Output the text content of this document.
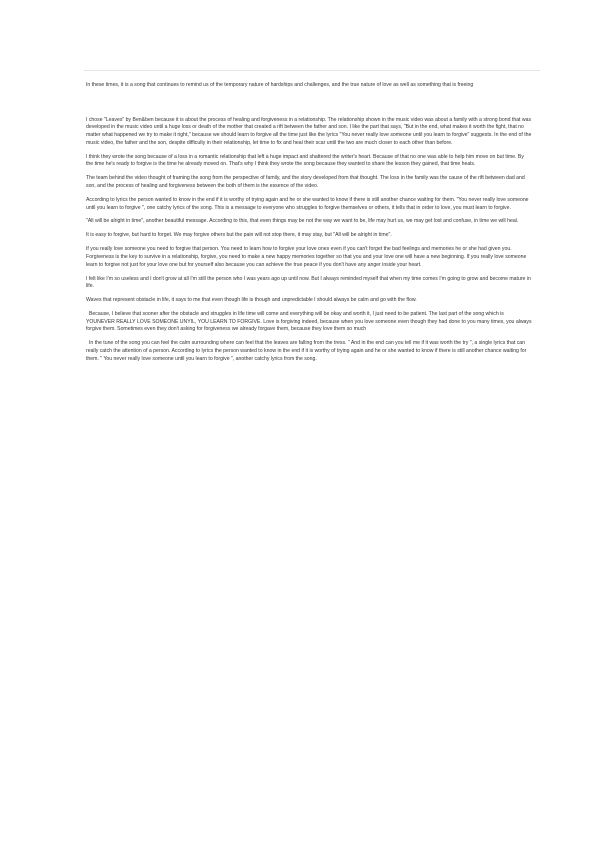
In these times, it is a song that continues to remind us of the temporary nature of hardships and challenges, and the true nature of love as well as something that is freeing

I chose "Leaves" by Ben&ben because it is about the process of healing and forgiveness in a relationship. The relationship shown in the music video was about a family with a strong bond that was developed in the music video until a huge loss or death of the mother that created a rift between the father and son. I like the part that says, "But in the end, what makes it worth the fight, that no matter what happened we try to make it right," because we should learn to forgive all the time just like the lyrics "You never really love someone until you learn to forgive" suggests. In the end of the music video, the father and the son, despite difficulty in their relationship, let time to fix and heal their scar until the two are much closer to each other than before.

I think they wrote the song because of a loss in a romantic relationship that left a huge impact and shattered the writer's heart. Because of that no one was able to help him move on but time. By the time he's ready to forgive is the time he already moved on. That's why I think they wrote the song because they wanted to share the lesson they gained, that time heals.

The team behind the video thought of framing the song from the perspective of family, and the story developed from that thought. The loss in the family was the cause of the rift between dad and son, and the process of healing and forgiveness between the both of them is the essence of the video.

According to lyrics the person wanted to know in the end if it is worthy of trying again and he or she wanted to know if there is still another chance waiting for them. "You never really love someone until you learn to forgive ", one catchy lyrics of the song. This is a message to everyone who struggles to forgive themselves or others, it tells that in order to love, you must learn to forgive.

"All will be alright in time", another beautiful message. According to this, that even things may be not the way we want to be, life may hurt us, we may get lost and confuse, in time we will heal.

It is easy to forgive, but hard to forget. We may forgive others but the pain will not stop there, it may stay, but "All will be alright in time".

If you really love someone you need to forgive that person. You need to learn how to forgive your love ones even if you can't forget the bad feelings and memories he or she had given you. Forgiveness is the key to survive in a relationship, forgive, you need to make a new happy memories together so that you and your love one will have a new beginning. If you really love someone learn to forgive not just for your love one but for yourself also because you can achieve the true peace if you don't have any anger inside your heart.

I felt like I'm so useless and I don't grow at all I'm still the person who I was years ago up until now. But I always reminded myself that when my time comes I'm going to grow and become mature in life.

Waves that represent obstacle in life, it says to me that even though life is though and unpredictable I should always be calm and go with the flow.

Because, I believe that sooner after the obstacle and struggles in life time will come and everything will be okay and worth it, I just need to be patient. The last part of the song which is YOUNEVER REALLY LOVE SOMEONE UNYIL, YOU LEARN TO FORGIVE. Love is forgiving indeed, because when you love someone even though they had done to you many times, you always forgive them. Sometimes even they don't asking for forgiveness we already forgave them, because they love them so much

In the tune of the song you can feel the calm surrounding where can feel that the leaves are falling from the tress. " And in the end can you tell me if it was worth the try ", a single lyrics that can really catch the attention of a person. According to lyrics the person wanted to know in the end if it is worthy of trying again and he or she wanted to know if there is still another chance waiting for them. " You never really love someone until you learn to forgive ", another catchy lyrics from the song.
